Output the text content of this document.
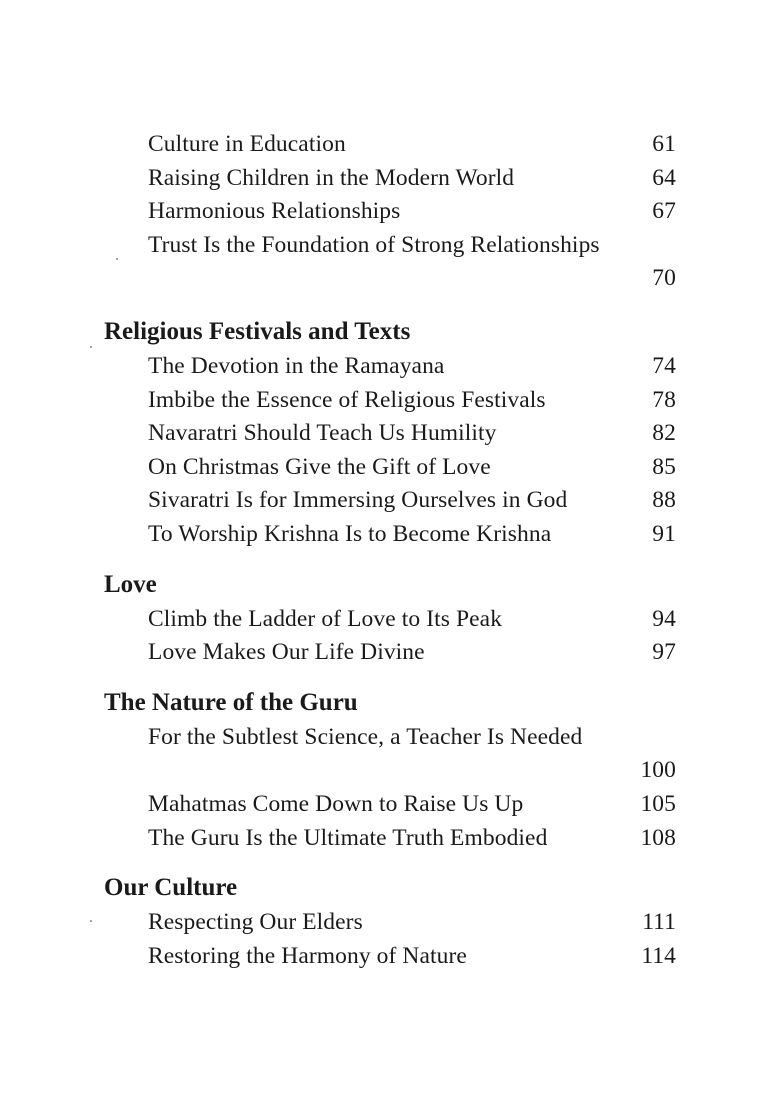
Culture in Education	61
Raising Children in the Modern World	64
Harmonious Relationships	67
Trust Is the Foundation of Strong Relationships
70
Religious Festivals and Texts
The Devotion in the Ramayana	74
Imbibe the Essence of Religious Festivals	78
Navaratri Should Teach Us Humility	82
On Christmas Give the Gift of Love	85
Sivaratri Is for Immersing Ourselves in God	88
To Worship Krishna Is to Become Krishna	91
Love
Climb the Ladder of Love to Its Peak	94
Love Makes Our Life Divine	97
The Nature of the Guru
For the Subtlest Science, a Teacher Is Needed
100
Mahatmas Come Down to Raise Us Up	105
The Guru Is the Ultimate Truth Embodied	108
Our Culture
Respecting Our Elders	111
Restoring the Harmony of Nature	114
